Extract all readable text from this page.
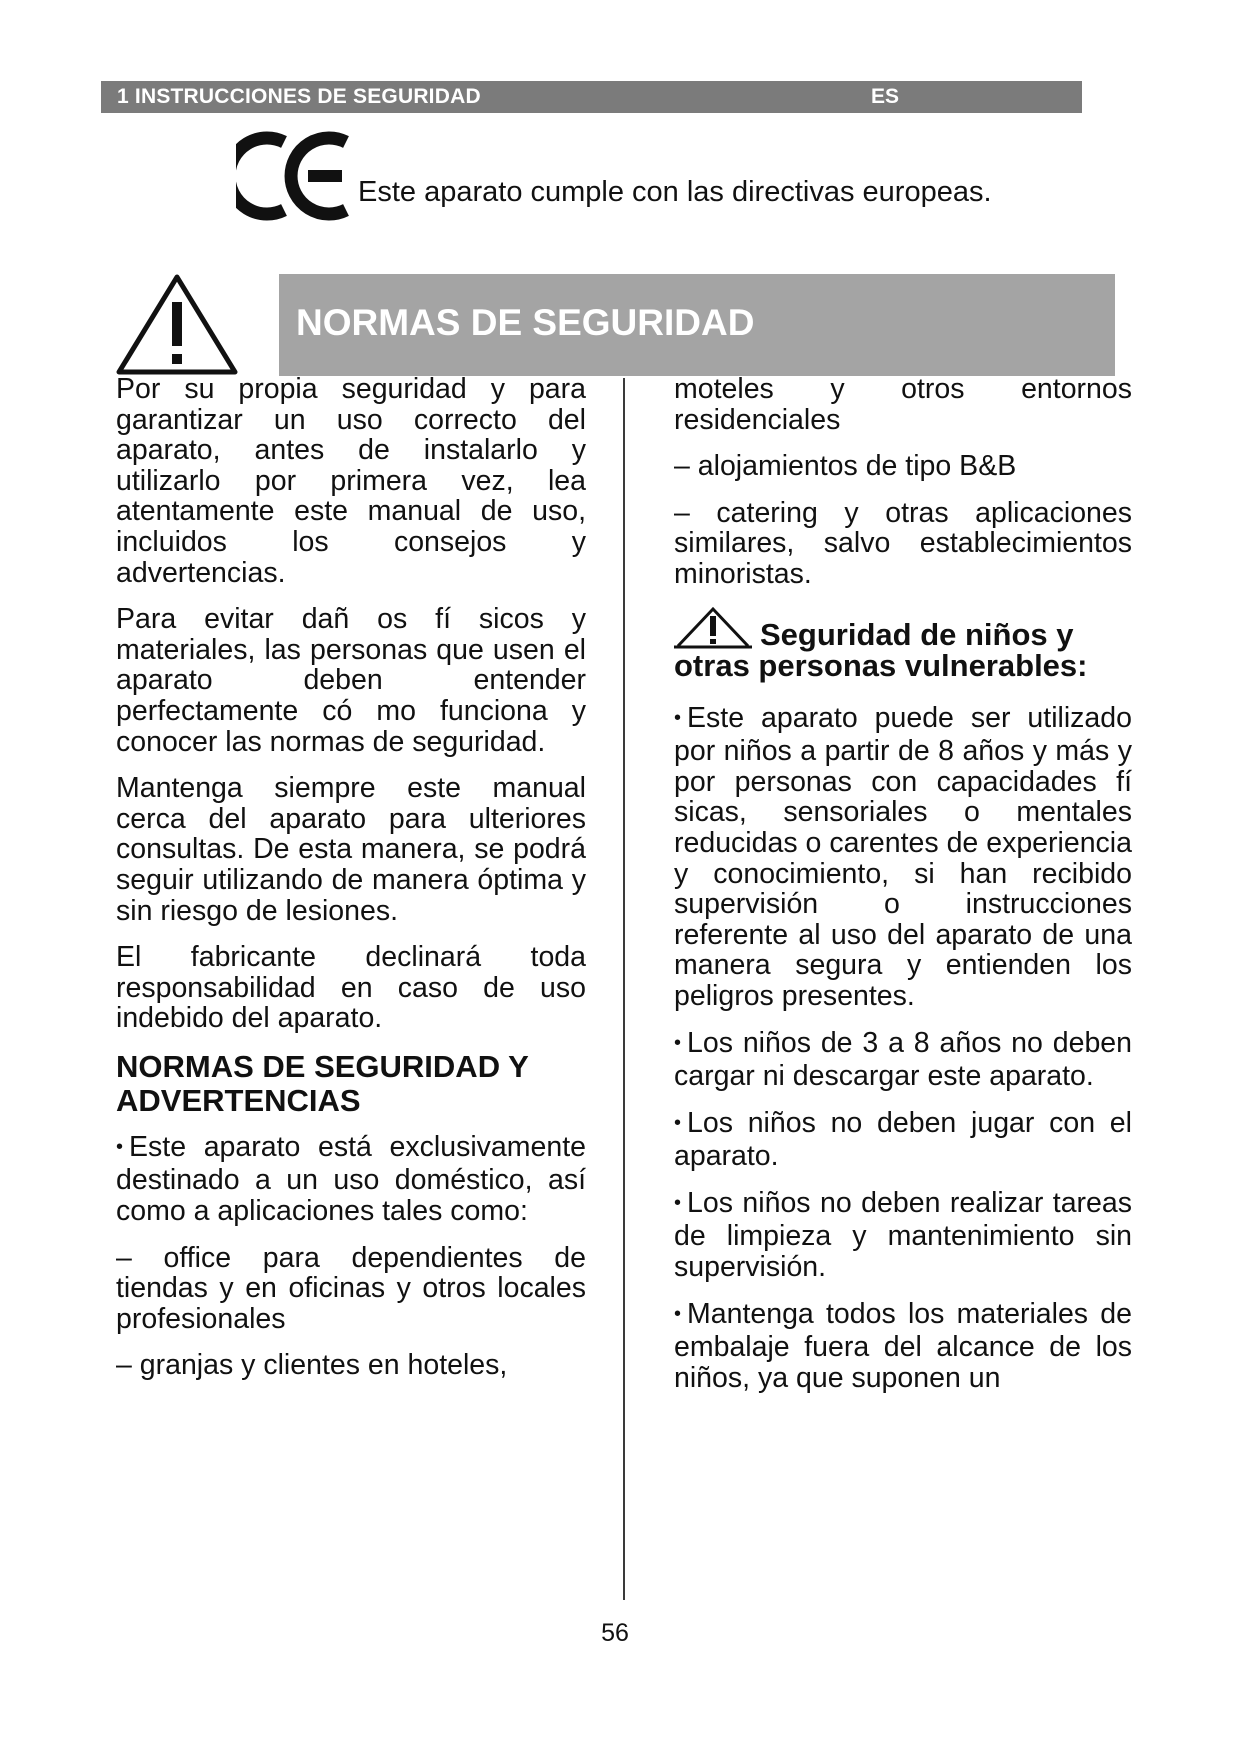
1 INSTRUCCIONES DE SEGURIDAD	ES
Este aparato cumple con las directivas europeas.
NORMAS DE SEGURIDAD

Por su propia seguridad y para garantizar un uso correcto del aparato, antes de instalarlo y utilizarlo por primera vez, lea atentamente este manual de uso, incluidos los consejos y advertencias.

Para evitar dañ os fí sicos y materiales, las personas que usen el aparato deben entender perfectamente có mo funciona y conocer las normas de seguridad.

Mantenga siempre este manual cerca del aparato para ulteriores consultas. De esta manera, se podrá seguir utilizando de manera óptima y sin riesgo de lesiones.

El fabricante declinará toda responsabilidad en caso de uso indebido del aparato.

NORMAS DE SEGURIDAD Y ADVERTENCIAS

• Este aparato está exclusivamente destinado a un uso doméstico, así como a aplicaciones tales como:

– office para dependientes de tiendas y en oficinas y otros locales profesionales

– granjas y clientes en hoteles,

moteles y otros entornos residenciales

– alojamientos de tipo B&B

– catering y otras aplicaciones similares, salvo establecimientos minoristas.

Seguridad de niños y otras personas vulnerables:

• Este aparato puede ser utilizado por niños a partir de 8 años y más y por personas con capacidades fí sicas, sensoriales o mentales reducidas o carentes de experiencia y conocimiento, si han recibido supervisión o instrucciones referente al uso del aparato de una manera segura y entienden los peligros presentes.

• Los niños de 3 a 8 años no deben cargar ni descargar este aparato.

• Los niños no deben jugar con el aparato.

• Los niños no deben realizar tareas de limpieza y mantenimiento sin supervisión.

• Mantenga todos los materiales de embalaje fuera del alcance de los niños, ya que suponen un

56
